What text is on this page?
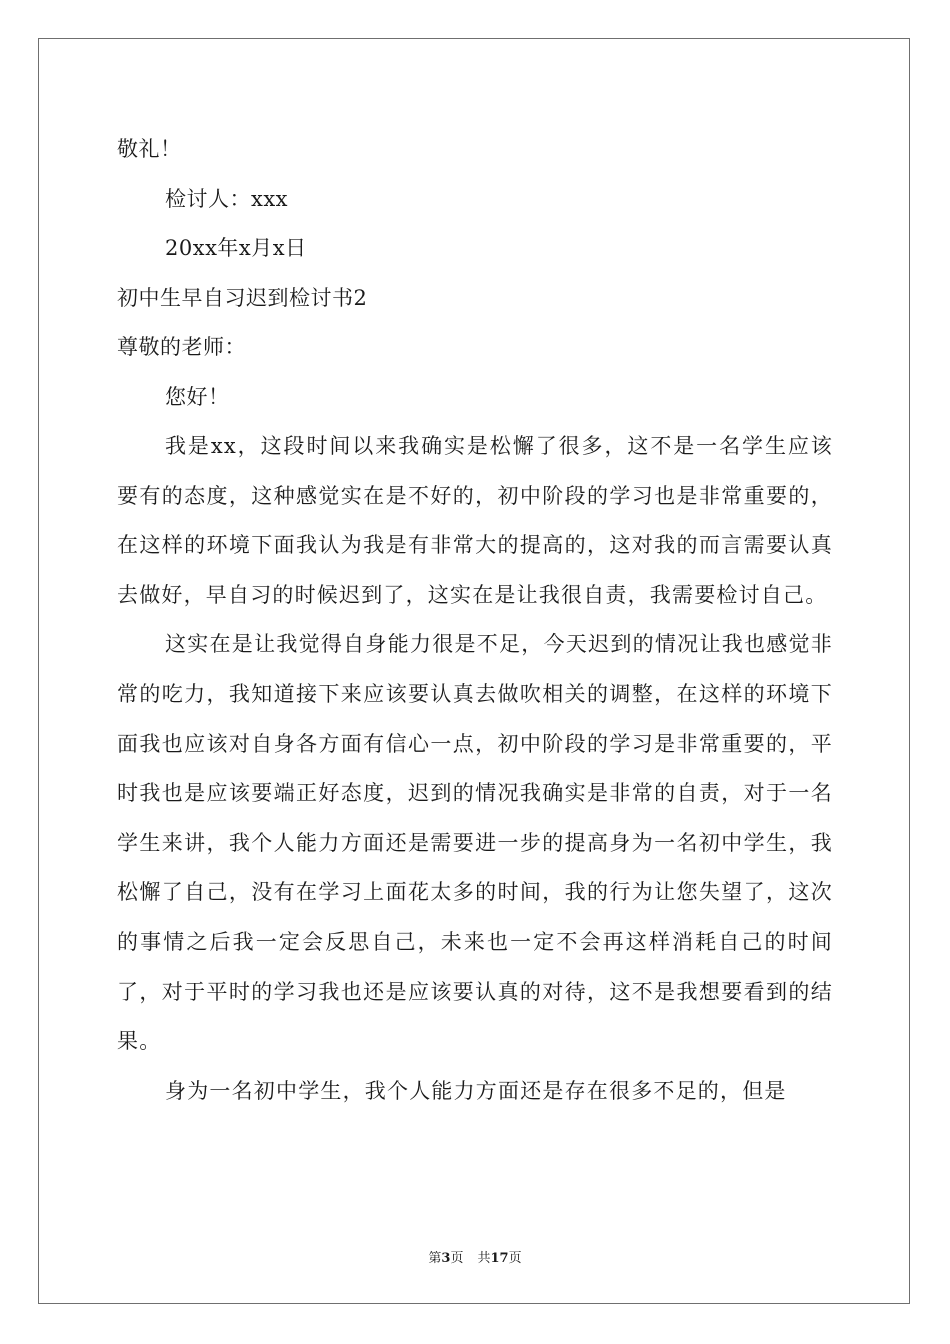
敬礼！
检讨人：xxx
20xx年x月x日
初中生早自习迟到检讨书2
尊敬的老师：
您好！

我是xx，这段时间以来我确实是松懈了很多，这不是一名学生应该要有的态度，这种感觉实在是不好的，初中阶段的学习也是非常重要的，在这样的环境下面我认为我是有非常大的提高的，这对我的而言需要认真去做好，早自习的时候迟到了，这实在是让我很自责，我需要检讨自己。

这实在是让我觉得自身能力很是不足，今天迟到的情况让我也感觉非常的吃力，我知道接下来应该要认真去做吹相关的调整，在这样的环境下面我也应该对自身各方面有信心一点，初中阶段的学习是非常重要的，平时我也是应该要端正好态度，迟到的情况我确实是非常的自责，对于一名学生来讲，我个人能力方面还是需要进一步的提高身为一名初中学生，我松懈了自己，没有在学习上面花太多的时间，我的行为让您失望了，这次的事情之后我一定会反思自己，未来也一定不会再这样消耗自己的时间了，对于平时的学习我也还是应该要认真的对待，这不是我想要看到的结果。

身为一名初中学生，我个人能力方面还是存在很多不足的，但是

第3页 共17页
